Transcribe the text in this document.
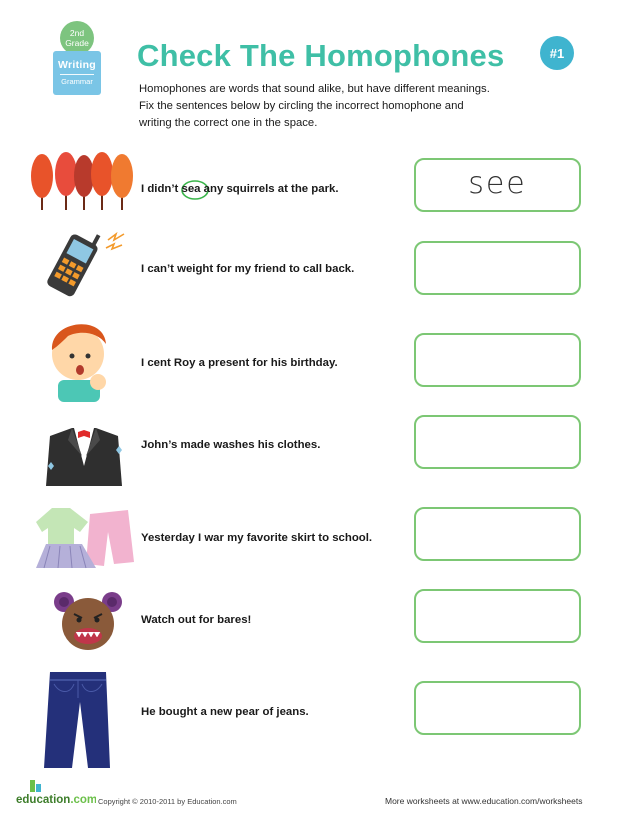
2nd
Grade
Writing
Grammar
Check The Homophones	#1

Homophones are words that sound alike, but have different meanings.

Fix the sentences below by circling the incorrect homophone and

writing the correct one in the space.

I didn’t sea any squirrels at the park.	see
I can’t weight for my friend to call back.
I cent Roy a present for his birthday.
John’s made washes his clothes.
Yesterday I war my favorite skirt to school.
Watch out for bares!
He bought a new pear of jeans.
education.com Copyright © 2010-2011 by Education.com	More worksheets at www.education.com/worksheets
